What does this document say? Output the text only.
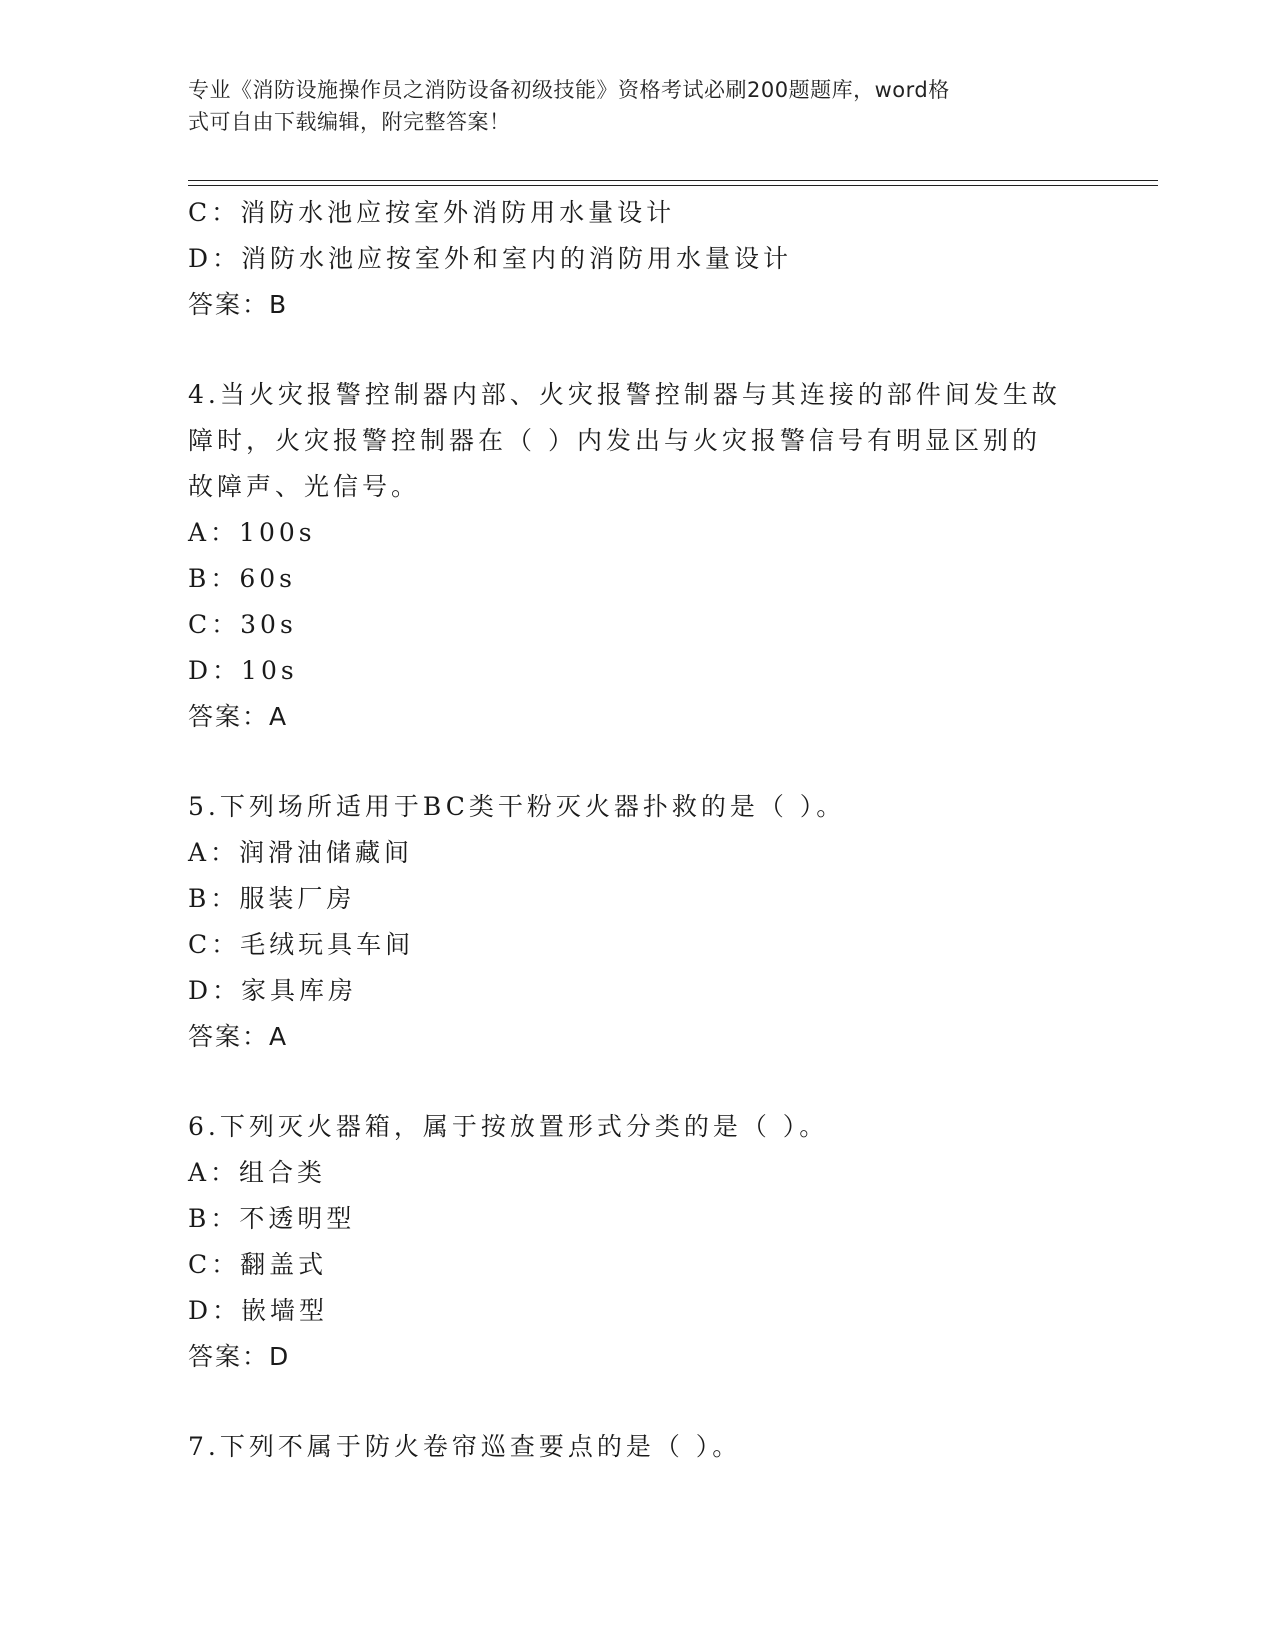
专业《消防设施操作员之消防设备初级技能》资格考试必刷200题题库，word格
式可自由下载编辑，附完整答案！
C：消防水池应按室外消防用水量设计
D：消防水池应按室外和室内的消防用水量设计
答案：B
4.当火灾报警控制器内部、火灾报警控制器与其连接的部件间发生故
障时，火灾报警控制器在（ ）内发出与火灾报警信号有明显区别的
故障声、光信号。
A：100s
B：60s
C：30s
D：10s
答案：A
5.下列场所适用于BC类干粉灭火器扑救的是（ ）。
A：润滑油储藏间
B：服装厂房
C：毛绒玩具车间
D：家具库房
答案：A
6.下列灭火器箱，属于按放置形式分类的是（ ）。
A：组合类
B：不透明型
C：翻盖式
D：嵌墙型
答案：D
7.下列不属于防火卷帘巡查要点的是（ ）。
